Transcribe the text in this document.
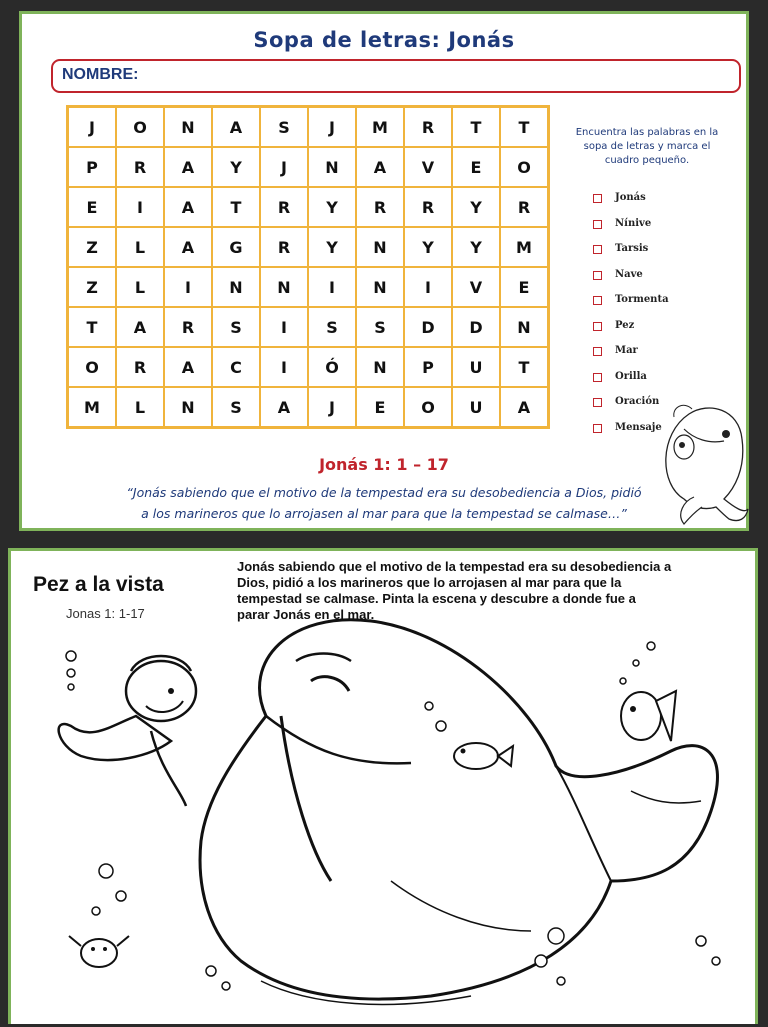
Sopa de letras: Jonás
NOMBRE:
J	O	N	A	S	J	M	R	T	T
P	R	A	Y	J	N	A	V	E	O
E	I	A	T	R	Y	R	R	Y	R
Z	L	A	G	R	Y	N	Y	Y	M
Z	L	I	N	N	I	N	I	V	E
T	A	R	S	I	S	S	D	D	N
O	R	A	C	I	Ó	N	P	U	T
M	L	N	S	A	J	E	O	U	A
Encuentra las palabras en la
sopa de letras y marca el
cuadro pequeño.
Jonás
Nínive
Tarsis
Nave
Tormenta
Pez
Mar
Orilla
Oración
Mensaje
Jonás 1: 1 – 17
“Jonás sabiendo que el motivo de la tempestad era su desobediencia a Dios, pidió
a los marineros que lo arrojasen al mar para que la tempestad se calmase…”
Pez a la vista
Jonas 1: 1-17
Jonás sabiendo que el motivo de la tempestad era su desobediencia a
Dios, pidió a los marineros que lo arrojasen al mar para que la
tempestad se calmase. Pinta la escena y descubre a donde fue a
parar Jonás en el mar.
